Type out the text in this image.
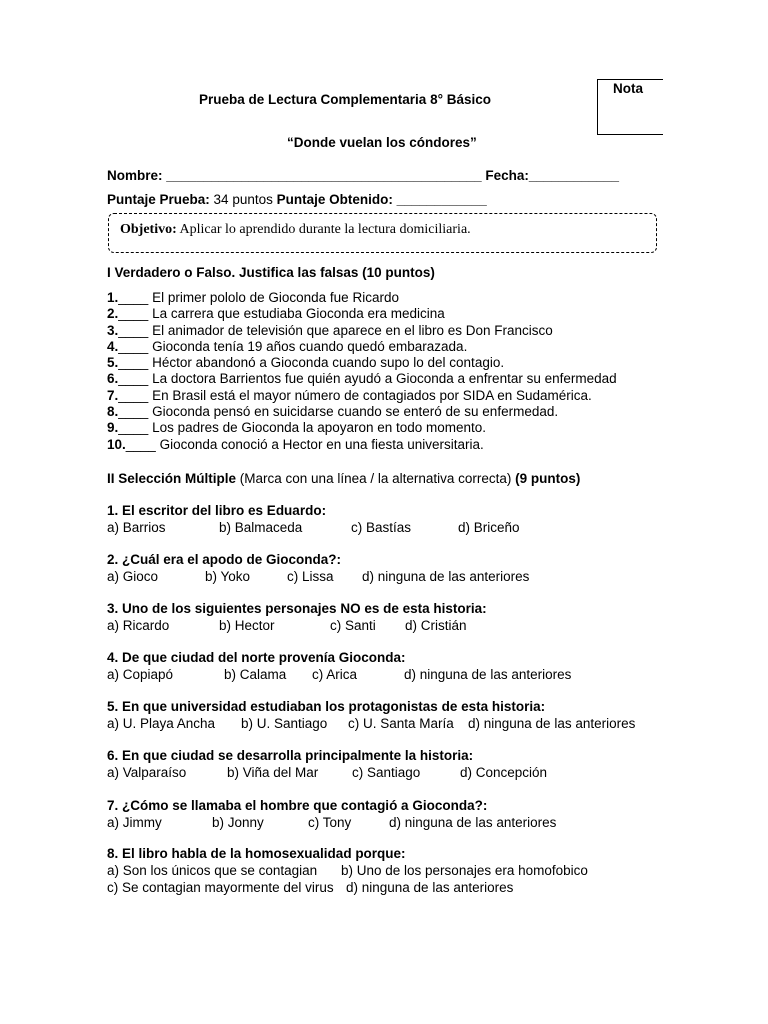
Nota
Prueba de Lectura Complementaria 8° Básico
“Donde vuelan los cóndores”
Nombre: __________________________________________ Fecha:____________
Puntaje Prueba: 34 puntos Puntaje Obtenido: ____________
Objetivo: Aplicar lo aprendido durante la lectura domiciliaria.
I Verdadero o Falso. Justifica las falsas (10 puntos)
1.____ El primer pololo de Gioconda fue Ricardo
2.____ La carrera que estudiaba Gioconda era medicina
3.____ El animador de televisión que aparece en el libro es Don Francisco
4.____ Gioconda tenía 19 años cuando quedó embarazada.
5.____ Héctor abandonó a Gioconda cuando supo lo del contagio.
6.____ La doctora Barrientos fue quién ayudó a Gioconda a enfrentar su enfermedad
7.____ En Brasil está el mayor número de contagiados por SIDA en Sudamérica.
8.____ Gioconda pensó en suicidarse cuando se enteró de su enfermedad.
9.____ Los padres de Gioconda la apoyaron en todo momento.
10.____ Gioconda conoció a Hector en una fiesta universitaria.
II Selección Múltiple (Marca con una línea / la alternativa correcta) (9 puntos)
1. El escritor del libro es Eduardo:
a) Barrios	b) Balmaceda	c) Bastías	d) Briceño
2. ¿Cuál era el apodo de Gioconda?:
a) Gioco	b) Yoko	c) Lissa d) ninguna de las anteriores
3. Uno de los siguientes personajes NO es de esta historia:
a) Ricardo	b) Hector	c) Santi d) Cristián
4. De que ciudad del norte provenía Gioconda:
a) Copiapó	b) Calama c) Arica	d) ninguna de las anteriores
5. En que universidad estudiaban los protagonistas de esta historia:
a) U. Playa Ancha b) U. Santiago c) U. Santa María d) ninguna de las anteriores
6. En que ciudad se desarrolla principalmente la historia:
a) Valparaíso	b) Viña del Mar c) Santiago	d) Concepción
7. ¿Cómo se llamaba el hombre que contagió a Gioconda?:
a) Jimmy	b) Jonny	c) Tony	d) ninguna de las anteriores
8. El libro habla de la homosexualidad porque:
a) Son los únicos que se contagian b) Uno de los personajes era homofobico
c) Se contagian mayormente del virus d) ninguna de las anteriores
